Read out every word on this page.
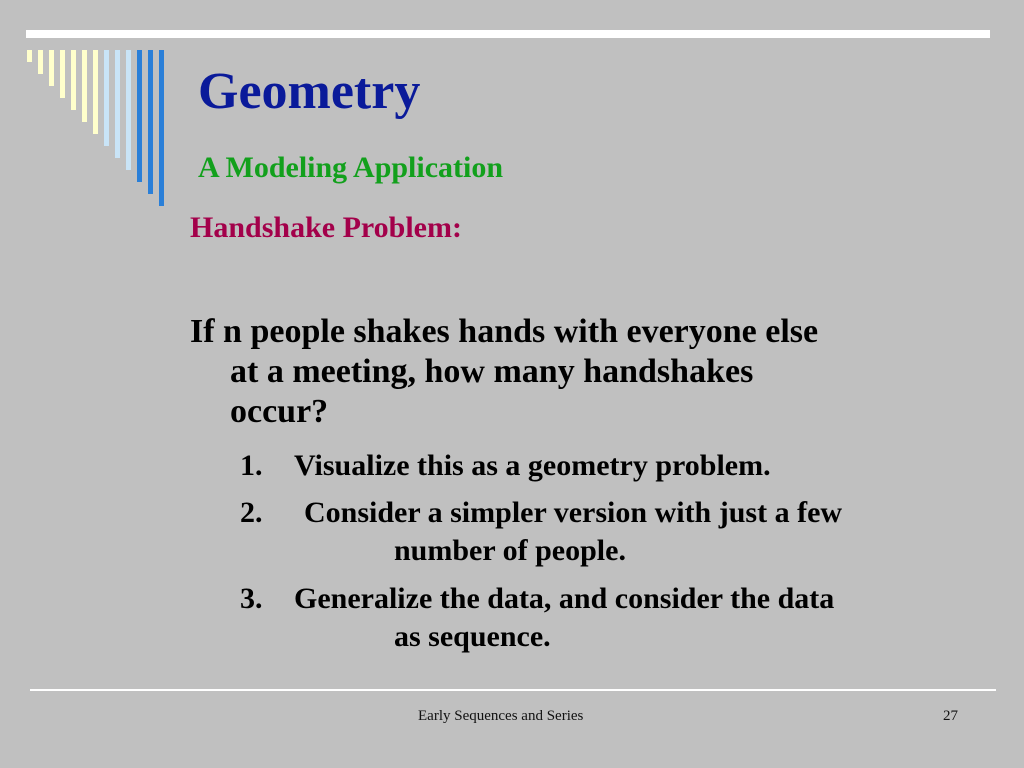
Geometry
A Modeling Application
Handshake Problem:
If n people shakes hands with everyone else
at a meeting, how many handshakes
occur?
1.	Visualize this as a geometry problem.
2.	Consider a simpler version with just a few
number of people.
3.	Generalize the data, and consider the data
as sequence.
Early Sequences and Series	27
